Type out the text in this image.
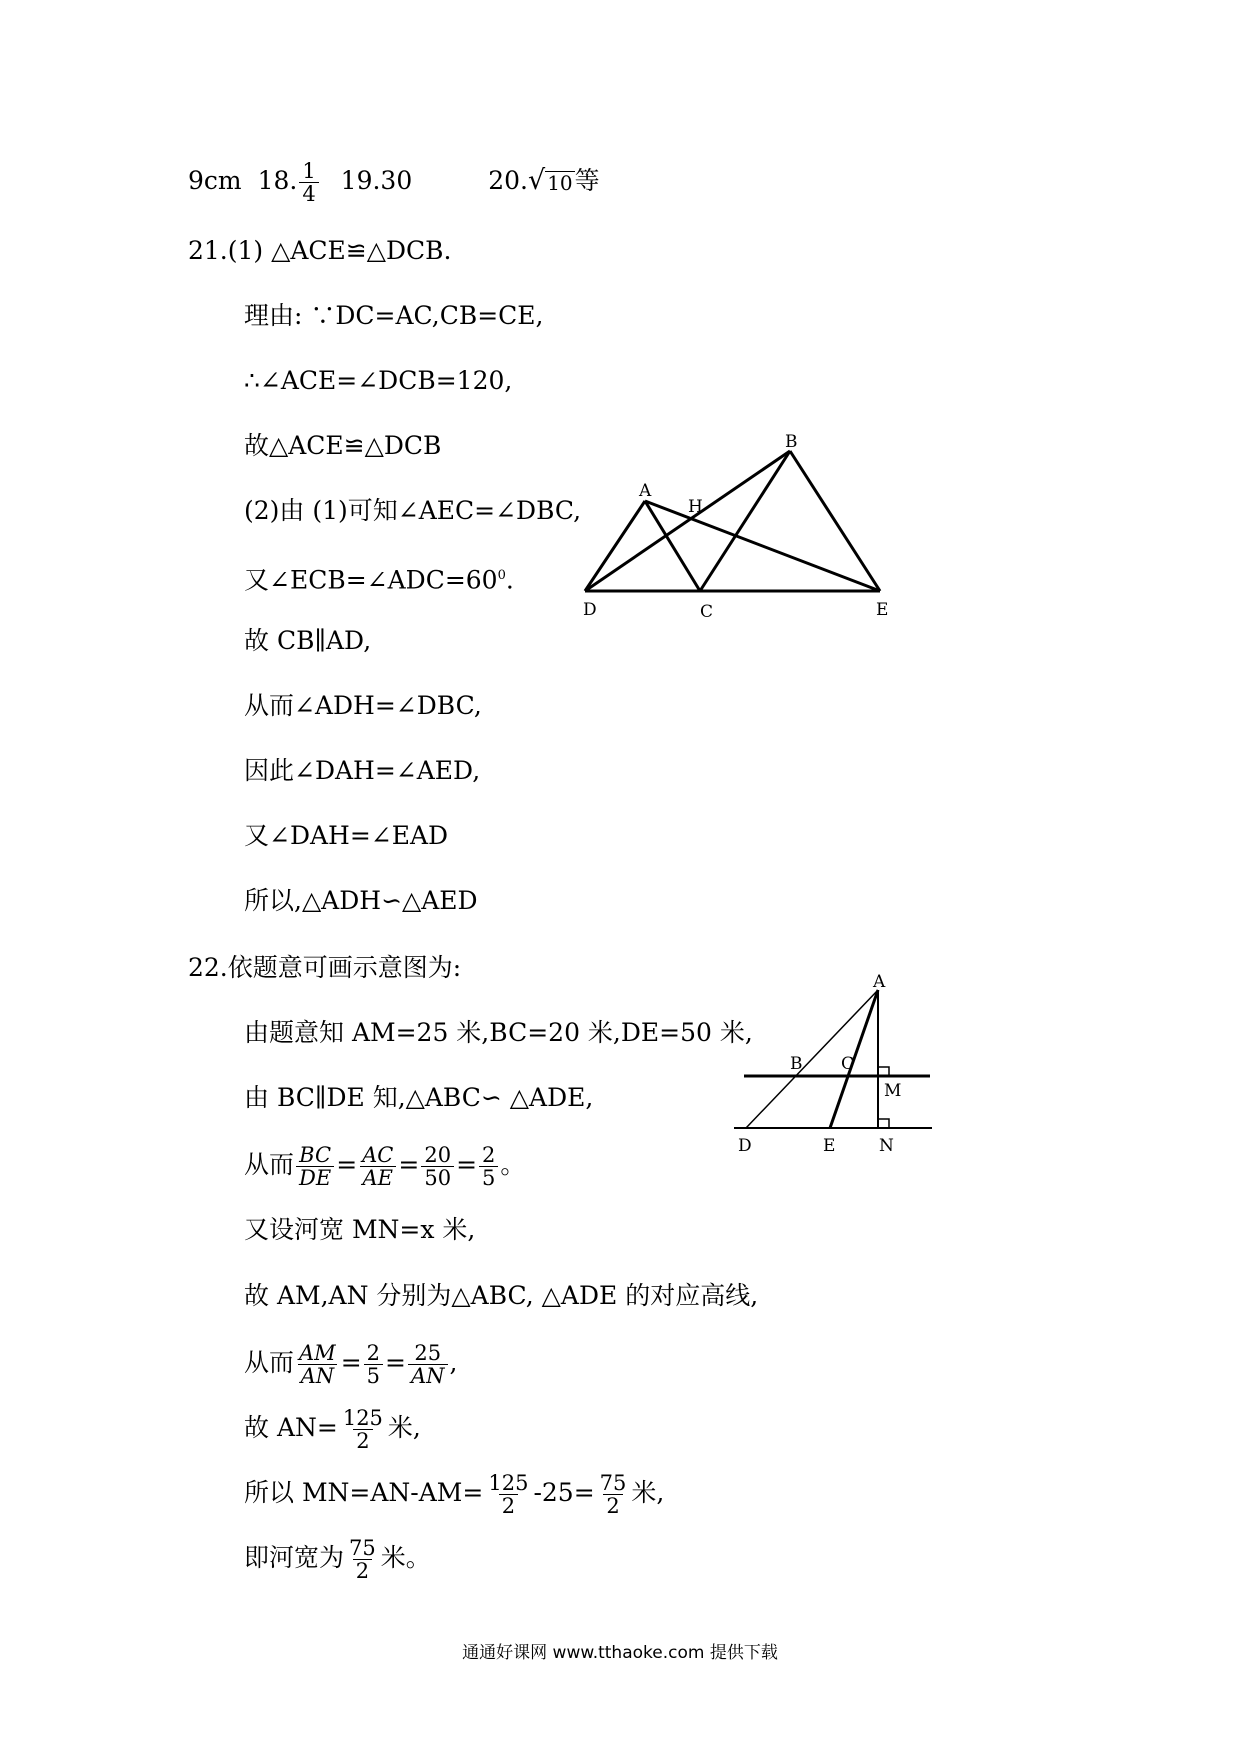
9cm 18. $\frac{1}{4} 19.30$	20. √ 10 等
21.(1) △ACE≌△DCB.
理由: ∵DC=AC,CB=CE,
∴∠ACE=∠DCB=120,
故△ACE≌△DCB
(2)由 (1)可知∠AEC=∠DBC,
又$\angle ECB=\angle ADC=60^0$.
故 CB∥AD,
从而∠ADH=∠DBC,
因此∠DAH=∠AED,
又∠DAH=∠EAD
所以,△ADH∽△AED
B
A
H
D	C	E
22.依题意可画示意图为:
由题意知 AM=25 米,BC=20 米,DE=50 米,
由 BC∥DE 知,△ABC∽ △ADE,
从而 $\frac{BC}{DE} = \frac{AC}{AE} = \frac{20}{50} = \frac{2}{5}$ 。
又设河宽 MN=x 米,
故 AM,AN 分别为△ABC, △ADE 的对应高线,
从而 $\frac{AM}{AN} = \frac{2}{5} = \frac{25}{AN}$ ,
故 $AN= \frac{125}{2}$ 米,
所以 $MN=AN-AM= \frac{125}{2} -25= \frac{75}{2}$ 米,
即河宽为 $\frac{75}{2}$ 米。
A
B C
M
D	E	N
通通好课网 www.tthaoke.com 提供下载
